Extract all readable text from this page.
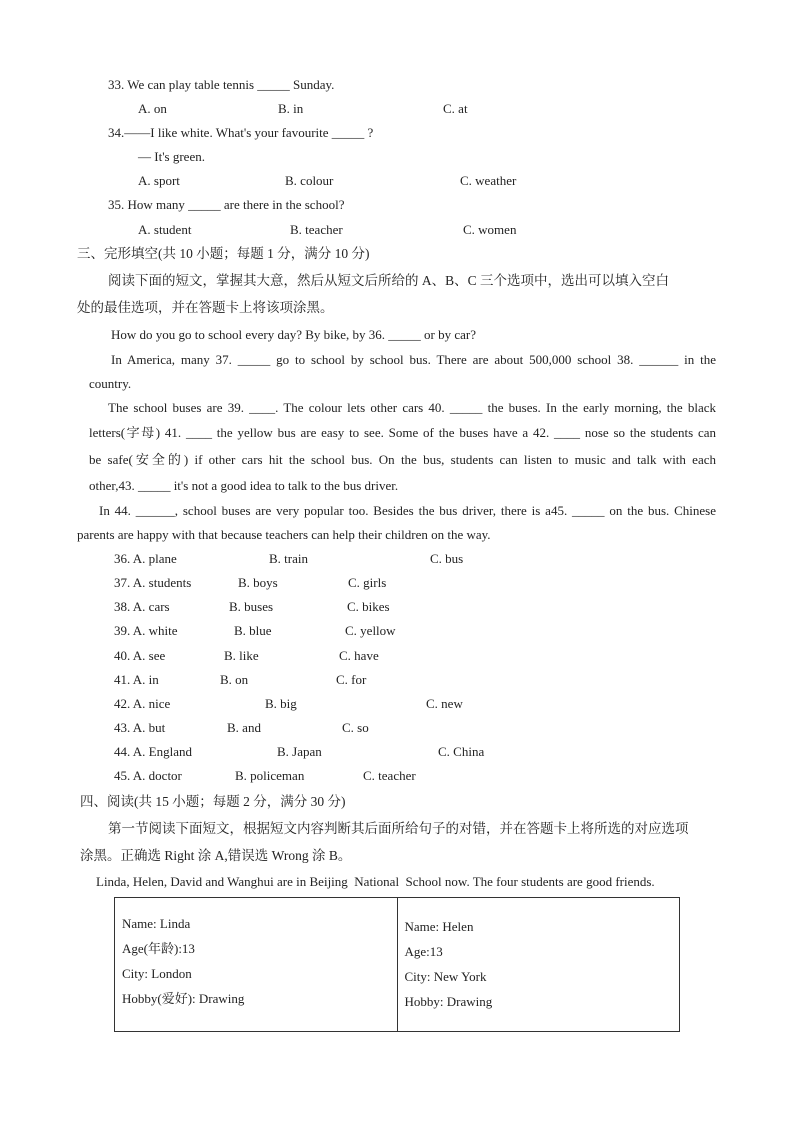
33. We can play table tennis _____ Sunday.
A. on	B. in	C. at
34.——I like white. What's your favourite _____ ?
— It's green.
A. sport	B. colour	C. weather
35. How many _____ are there in the school?
A. student	B. teacher	C. women
三、完形填空(共 10 小题；每题 1 分，满分 10 分)
阅读下面的短文，掌握其大意，然后从短文后所给的 A、B、C 三个选项中，选出可以填入空白
处的最佳选项，并在答题卡上将该项涂黑。
How do you go to school every day? By bike, by 36. _____ or by car?
In America, many 37. _____ go to school by school bus. There are about 500,000 school 38. ______ in the
country.
The school buses are 39. ____. The colour lets other cars 40. _____ the buses. In the early morning, the black
letters(字母) 41. ____ the yellow bus are easy to see. Some of the buses have a 42. ____ nose so the students can
be safe(安全的) if other cars hit the school bus. On the bus, students can listen to music and talk with each
other,43. _____ it's not a good idea to talk to the bus driver.
In 44. ______, school buses are very popular too. Besides the bus driver, there is a45. _____ on the bus. Chinese
parents are happy with that because teachers can help their children on the way.
36. A. plane	B. train	C. bus
37. A. students	B. boys	C. girls
38. A. cars	B. buses	C. bikes
39. A. white	B. blue	C. yellow
40. A. see	B. like	C. have
41. A. in	B. on	C. for
42. A. nice	B. big	C. new
43. A. but	B. and	C. so
44. A. England	B. Japan	C. China
45. A. doctor	B. policeman	C. teacher
四、阅读(共 15 小题；每题 2 分，满分 30 分)
第一节阅读下面短文，根据短文内容判断其后面所给句子的对错，并在答题卡上将所选的对应选项
涂黑。正确选 Right 涂 A,错误选 Wrong 涂 B。
Linda, Helen, David and Wanghui are in Beijing  National  School now. The four students are good friends.
Name: Linda
Age(年龄):13
City: London
Hobby(爱好): Drawing

Name: Helen
Age:13
City: New York
Hobby: Drawing
